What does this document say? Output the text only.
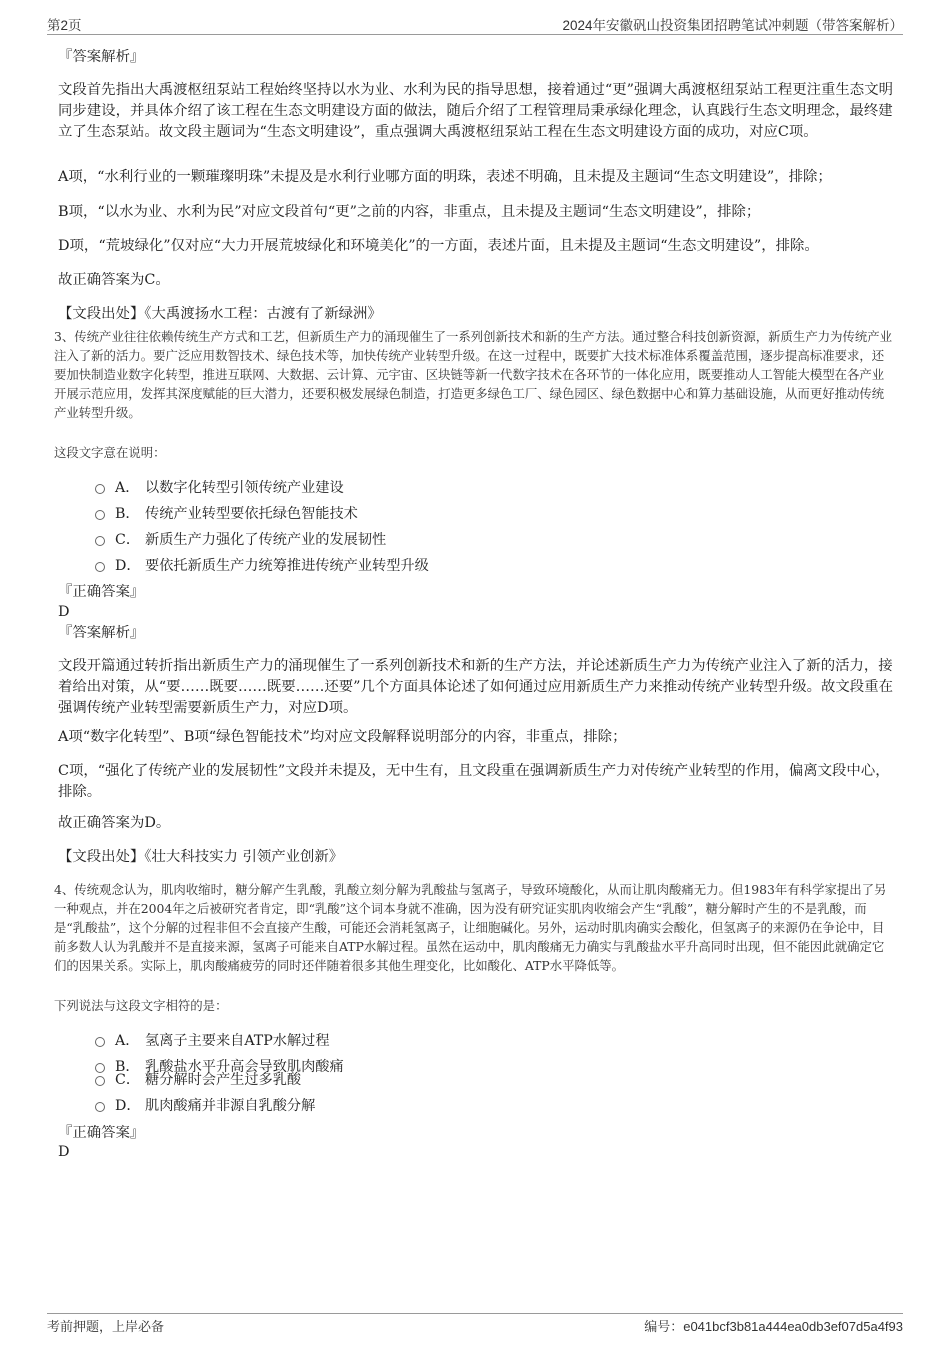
第2页	2024年安徽矾山投资集团招聘笔试冲刺题（带答案解析）
『答案解析』

文段首先指出大禹渡枢纽泵站工程始终坚持以水为业、水利为民的指导思想，接着通过“更”强调大禹渡枢纽泵站工程更注重生态文明同步建设，并具体介绍了该工程在生态文明建设方面的做法，随后介绍了工程管理局秉承绿化理念，认真践行生态文明理念，最终建立了生态泵站。故文段主题词为“生态文明建设”，重点强调大禹渡枢纽泵站工程在生态文明建设方面的成功，对应C项。

A项，“水利行业的一颗璀璨明珠”未提及是水利行业哪方面的明珠，表述不明确，且未提及主题词“生态文明建设”，排除；

B项，“以水为业、水利为民”对应文段首句“更”之前的内容，非重点，且未提及主题词“生态文明建设”，排除；

D项，“荒坡绿化”仅对应“大力开展荒坡绿化和环境美化”的一方面，表述片面，且未提及主题词“生态文明建设”，排除。

故正确答案为C。

【文段出处】《大禹渡扬水工程：古渡有了新绿洲》

3、传统产业往往依赖传统生产方式和工艺，但新质生产力的涌现催生了一系列创新技术和新的生产方法。通过整合科技创新资源，新质生产力为传统产业注入了新的活力。要广泛应用数智技术、绿色技术等，加快传统产业转型升级。在这一过程中，既要扩大技术标准体系覆盖范围，逐步提高标准要求，还要加快制造业数字化转型，推进互联网、大数据、云计算、元宇宙、区块链等新一代数字技术在各环节的一体化应用，既要推动人工智能大模型在各产业开展示范应用，发挥其深度赋能的巨大潜力，还要积极发展绿色制造，打造更多绿色工厂、绿色园区、绿色数据中心和算力基础设施，从而更好推动传统产业转型升级。

这段文字意在说明：

A． 以数字化转型引领传统产业建设
B． 传统产业转型要依托绿色智能技术
C． 新质生产力强化了传统产业的发展韧性
D． 要依托新质生产力统筹推进传统产业转型升级
『正确答案』
D
『答案解析』

文段开篇通过转折指出新质生产力的涌现催生了一系列创新技术和新的生产方法，并论述新质生产力为传统产业注入了新的活力，接着给出对策，从“要……既要……既要……还要”几个方面具体论述了如何通过应用新质生产力来推动传统产业转型升级。故文段重在强调传统产业转型需要新质生产力，对应D项。

A项“数字化转型”、B项“绿色智能技术”均对应文段解释说明部分的内容，非重点，排除；

C项，“强化了传统产业的发展韧性”文段并未提及，无中生有，且文段重在强调新质生产力对传统产业转型的作用，偏离文段中心，排除。

故正确答案为D。

【文段出处】《壮大科技实力 引领产业创新》

4、传统观念认为，肌肉收缩时，糖分解产生乳酸，乳酸立刻分解为乳酸盐与氢离子，导致环境酸化，从而让肌肉酸痛无力。但1983年有科学家提出了另一种观点，并在2004年之后被研究者肯定，即“乳酸”这个词本身就不准确，因为没有研究证实肌肉收缩会产生“乳酸”，糖分解时产生的不是乳酸，而是“乳酸盐”，这个分解的过程非但不会直接产生酸，可能还会消耗氢离子，让细胞碱化。另外，运动时肌肉确实会酸化，但氢离子的来源仍在争论中，目前多数人认为乳酸并不是直接来源，氢离子可能来自ATP水解过程。虽然在运动中，肌肉酸痛无力确实与乳酸盐水平升高同时出现，但不能因此就确定它们的因果关系。实际上，肌肉酸痛疲劳的同时还伴随着很多其他生理变化，比如酸化、ATP水平降低等。

下列说法与这段文字相符的是：

A． 氢离子主要来自ATP水解过程
B． 乳酸盐水平升高会导致肌肉酸痛
C． 糖分解时会产生过多乳酸
D． 肌肉酸痛并非源自乳酸分解
『正确答案』
D
考前押题，上岸必备	编号：e041bcf3b81a444ea0db3ef07d5a4f93
